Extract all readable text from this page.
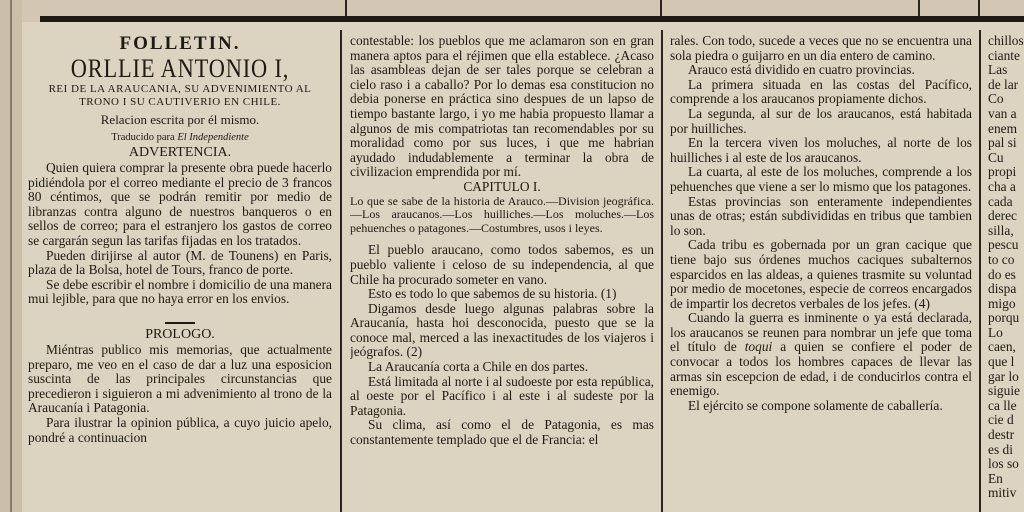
FOLLETIN.
ORLLIE ANTONIO I,
REI DE LA ARAUCANIA, SU ADVENIMIENTO AL TRONO I SU CAUTIVERIO EN CHILE.
Relacion escrita por él mismo.
Traducido para El Independiente
ADVERTENCIA.

Quien quiera comprar la presente obra puede hacerlo pidiéndola por el correo mediante el precio de 3 francos 80 céntimos, que se podrán remitir por medio de libranzas contra alguno de nuestros banqueros o en sellos de correo; para el estranjero los gastos de correo se cargarán segun las tarifas fijadas en los tratados.

Pueden dirijirse al autor (M. de Tounens) en Paris, plaza de la Bolsa, hotel de Tours, franco de porte.

Se debe escribir el nombre i domicilio de una manera mui lejible, para que no haya error en los envios.

PROLOGO.

Miéntras publico mis memorias, que actualmente preparo, me veo en el caso de dar a luz una esposicion suscinta de las principales circunstancias que precedieron i siguieron a mi advenimiento al trono de la Araucanía i Patagonia.

Para ilustrar la opinion pública, a cuyo juicio apelo, pondré a continuacion

contestable: los pueblos que me aclamaron son en gran manera aptos para el réjimen que ella establece. ¿Acaso las asambleas dejan de ser tales porque se celebran a cielo raso i a caballo? Por lo demas esa constitucion no debia ponerse en práctica sino despues de un lapso de tiempo bastante largo, i yo me habia propuesto llamar a algunos de mis compatriotas tan recomendables por su moralidad como por sus luces, i que me habrian ayudado indudablemente a terminar la obra de civilizacion emprendida por mí.

CAPITULO I.

Lo que se sabe de la historia de Arauco.—Division jeográfica.—Los araucanos.—Los huilliches.—Los moluches.—Los pehuenches o patagones.—Costumbres, usos i leyes.

El pueblo araucano, como todos sabemos, es un pueblo valiente i celoso de su independencia, al que Chile ha procurado someter en vano.

Esto es todo lo que sabemos de su historia. (1)

Digamos desde luego algunas palabras sobre la Araucanía, hasta hoi desconocida, puesto que se la conoce mal, merced a las inexactitudes de los viajeros i jeógrafos. (2)

La Araucanía corta a Chile en dos partes.

Está limitada al norte i al sudoeste por esta república, al oeste por el Pacífico i al este i al sudeste por la Patagonia.

Su clima, así como el de Patagonia, es mas constantemente templado que el de Francia: el

rales. Con todo, sucede a veces que no se encuentra una sola piedra o guijarro en un dia entero de camino.

Arauco está dividido en cuatro provincias.

La primera situada en las costas del Pacífico, comprende a los araucanos propiamente dichos.

La segunda, al sur de los araucanos, está habitada por huilliches.

En la tercera viven los moluches, al norte de los huilliches i al este de los araucanos.

La cuarta, al este de los moluches, comprende a los pehuenches que viene a ser lo mismo que los patagones.

Estas provincias son enteramente independientes unas de otras; están subdivididas en tribus que tambien lo son.

Cada tribu es gobernada por un gran cacique que tiene bajo sus órdenes muchos caciques subalternos esparcidos en las aldeas, a quienes trasmite su voluntad por medio de mocetones, especie de correos encargados de impartir los decretos verbales de los jefes. (4)

Cuando la guerra es inminente o ya está declarada, los araucanos se reunen para nombrar un jefe que toma el título de toqui a quien se confiere el poder de convocar a todos los hombres capaces de llevar las armas sin escepcion de edad, i de conducirlos contra el enemigo.

El ejército se compone solamente de caballería.

chillos
ciante
Las
de lar
Co
van a
enem
pal si
Cu
propi
cha a
cada
derec
silla,
pescu
to co
do es
dispa
migo
porqu
Lo
caen,
que l
gar lo
siguie
ca lle
cie d
destr
es di
los so
En
mitiv
